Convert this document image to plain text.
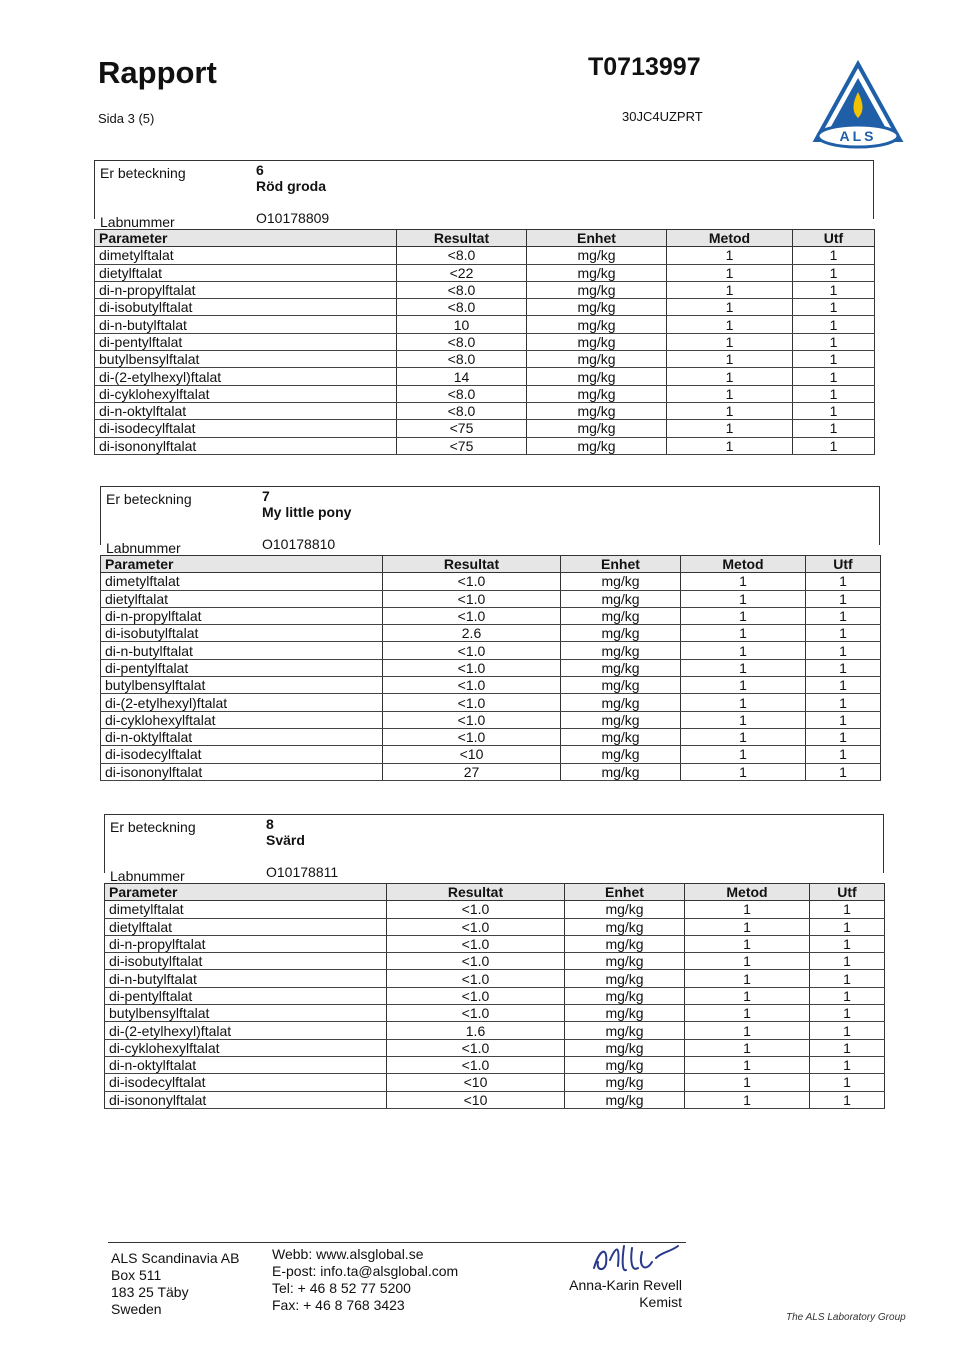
Rapport	T0713997
Sida 3 (5)	30JC4UZPRT
ALS
Er beteckning	6
Röd groda
Labnummer	O10178809
Parameter	Resultat	Enhet	Metod	Utf
dimetylftalat	<8.0	mg/kg	1	1
dietylftalat	<22	mg/kg	1	1
di-n-propylftalat	<8.0	mg/kg	1	1
di-isobutylftalat	<8.0	mg/kg	1	1
di-n-butylftalat	10	mg/kg	1	1
di-pentylftalat	<8.0	mg/kg	1	1
butylbensylftalat	<8.0	mg/kg	1	1
di-(2-etylhexyl)ftalat	14	mg/kg	1	1
di-cyklohexylftalat	<8.0	mg/kg	1	1
di-n-oktylftalat	<8.0	mg/kg	1	1
di-isodecylftalat	<75	mg/kg	1	1
di-isononylftalat	<75	mg/kg	1	1
Er beteckning	7
My little pony
Labnummer	O10178810
Parameter	Resultat	Enhet	Metod	Utf
dimetylftalat	<1.0	mg/kg	1	1
dietylftalat	<1.0	mg/kg	1	1
di-n-propylftalat	<1.0	mg/kg	1	1
di-isobutylftalat	2.6	mg/kg	1	1
di-n-butylftalat	<1.0	mg/kg	1	1
di-pentylftalat	<1.0	mg/kg	1	1
butylbensylftalat	<1.0	mg/kg	1	1
di-(2-etylhexyl)ftalat	<1.0	mg/kg	1	1
di-cyklohexylftalat	<1.0	mg/kg	1	1
di-n-oktylftalat	<1.0	mg/kg	1	1
di-isodecylftalat	<10	mg/kg	1	1
di-isononylftalat	27	mg/kg	1	1
Er beteckning	8
Svärd
Labnummer	O10178811
Parameter	Resultat	Enhet	Metod	Utf
dimetylftalat	<1.0	mg/kg	1	1
dietylftalat	<1.0	mg/kg	1	1
di-n-propylftalat	<1.0	mg/kg	1	1
di-isobutylftalat	<1.0	mg/kg	1	1
di-n-butylftalat	<1.0	mg/kg	1	1
di-pentylftalat	<1.0	mg/kg	1	1
butylbensylftalat	<1.0	mg/kg	1	1
di-(2-etylhexyl)ftalat	1.6	mg/kg	1	1
di-cyklohexylftalat	<1.0	mg/kg	1	1
di-n-oktylftalat	<1.0	mg/kg	1	1
di-isodecylftalat	<10	mg/kg	1	1
di-isononylftalat	<10	mg/kg	1	1
ALS Scandinavia AB
Box 511
183 25 Täby
Sweden
Webb: www.alsglobal.se
E-post: info.ta@alsglobal.com
Tel: + 46 8 52 77 5200
Fax: + 46 8 768 3423
Anna-Karin Revell
Kemist
The ALS Laboratory Group
